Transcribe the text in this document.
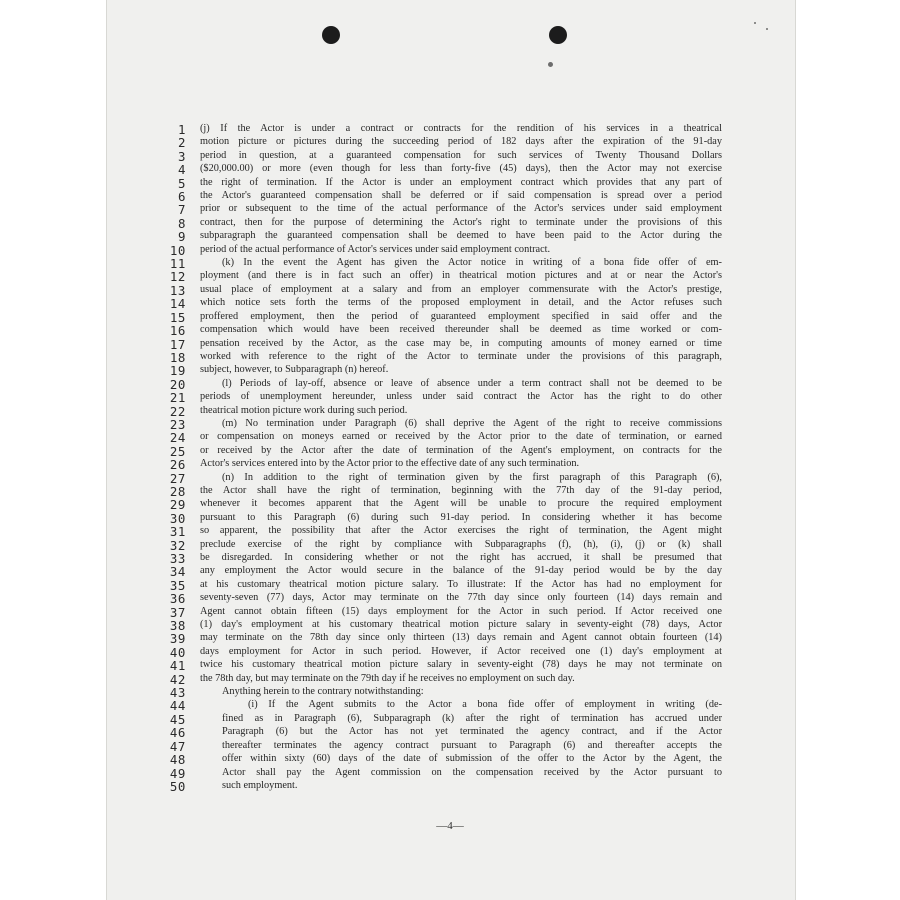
1
2
3
4
5
6
7
8
9
10
11
12
13
14
15
16
17
18
19
20
21
22
23
24
25
26
27
28
29
30
31
32
33
34
35
36
37
38
39
40
41
42
43
44
45
46
47
48
49
50
(j) If the Actor is under a contract or contracts for the rendition of his services in a theatrical
motion picture or pictures during the succeeding period of 182 days after the expiration of the 91-day
period in question, at a guaranteed compensation for such services of Twenty Thousand Dollars
($20,000.00) or more (even though for less than forty-five (45) days), then the Actor may not exercise
the right of termination. If the Actor is under an employment contract which provides that any part of
the Actor's guaranteed compensation shall be deferred or if said compensation is spread over a period
prior or subsequent to the time of the actual performance of the Actor's services under said employment
contract, then for the purpose of determining the Actor's right to terminate under the provisions of this
subparagraph the guaranteed compensation shall be deemed to have been paid to the Actor during the
period of the actual performance of Actor's services under said employment contract.
(k) In the event the Agent has given the Actor notice in writing of a bona fide offer of em-
ployment (and there is in fact such an offer) in theatrical motion pictures and at or near the Actor's
usual place of employment at a salary and from an employer commensurate with the Actor's prestige,
which notice sets forth the terms of the proposed employment in detail, and the Actor refuses such
proffered employment, then the period of guaranteed employment specified in said offer and the
compensation which would have been received thereunder shall be deemed as time worked or com-
pensation received by the Actor, as the case may be, in computing amounts of money earned or time
worked with reference to the right of the Actor to terminate under the provisions of this paragraph,
subject, however, to Subparagraph (n) hereof.
(l) Periods of lay-off, absence or leave of absence under a term contract shall not be deemed to be
periods of unemployment hereunder, unless under said contract the Actor has the right to do other
theatrical motion picture work during such period.
(m) No termination under Paragraph (6) shall deprive the Agent of the right to receive commissions
or compensation on moneys earned or received by the Actor prior to the date of termination, or earned
or received by the Actor after the date of termination of the Agent's employment, on contracts for the
Actor's services entered into by the Actor prior to the effective date of any such termination.
(n) In addition to the right of termination given by the first paragraph of this Paragraph (6),
the Actor shall have the right of termination, beginning with the 77th day of the 91-day period,
whenever it becomes apparent that the Agent will be unable to procure the required employment
pursuant to this Paragraph (6) during such 91-day period. In considering whether it has become
so apparent, the possibility that after the Actor exercises the right of termination, the Agent might
preclude exercise of the right by compliance with Subparagraphs (f), (h), (i), (j) or (k) shall
be disregarded. In considering whether or not the right has accrued, it shall be presumed that
any employment the Actor would secure in the balance of the 91-day period would be by the day
at his customary theatrical motion picture salary. To illustrate: If the Actor has had no employment for
seventy-seven (77) days, Actor may terminate on the 77th day since only fourteen (14) days remain and
Agent cannot obtain fifteen (15) days employment for the Actor in such period. If Actor received one
(1) day's employment at his customary theatrical motion picture salary in seventy-eight (78) days, Actor
may terminate on the 78th day since only thirteen (13) days remain and Agent cannot obtain fourteen (14)
days employment for Actor in such period. However, if Actor received one (1) day's employment at
twice his customary theatrical motion picture salary in seventy-eight (78) days he may not terminate on
the 78th day, but may terminate on the 79th day if he receives no employment on such day.
Anything herein to the contrary notwithstanding:
(i) If the Agent submits to the Actor a bona fide offer of employment in writing (de-
fined as in Paragraph (6), Subparagraph (k) after the right of termination has accrued under
Paragraph (6) but the Actor has not yet terminated the agency contract, and if the Actor
thereafter terminates the agency contract pursuant to Paragraph (6) and thereafter accepts the
offer within sixty (60) days of the date of submission of the offer to the Actor by the Agent, the
Actor shall pay the Agent commission on the compensation received by the Actor pursuant to
such employment.
—4—
